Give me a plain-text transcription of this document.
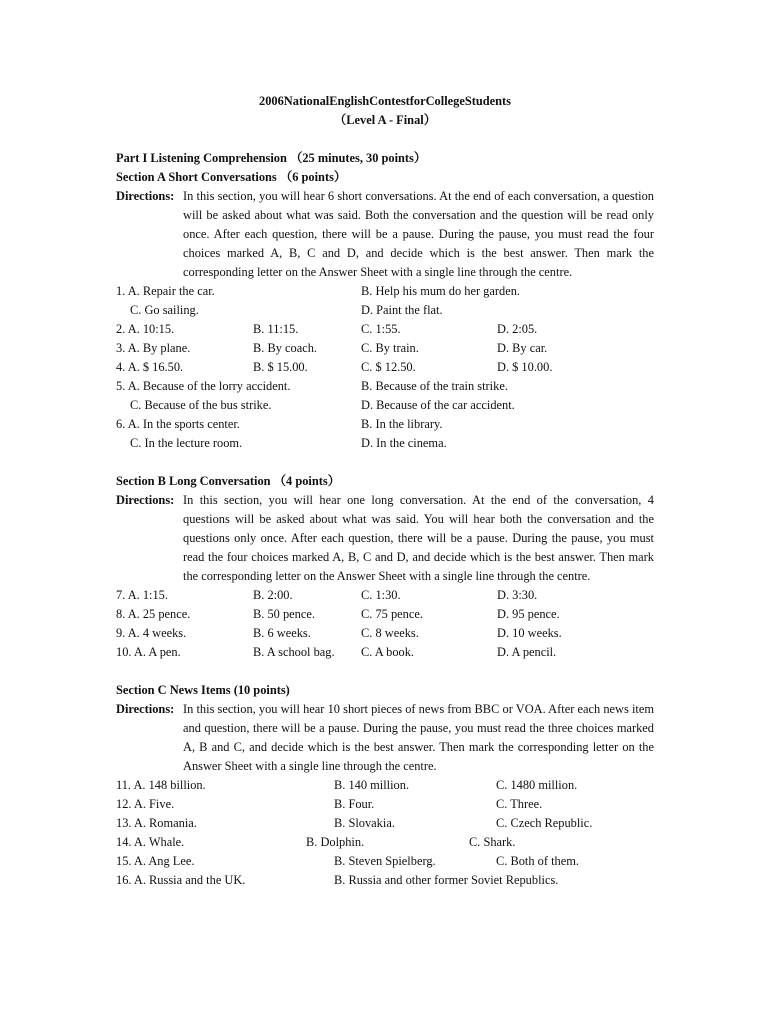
2006NationalEnglishContestforCollegeStudents
（Level A - Final）
Part I Listening Comprehension （25 minutes, 30 points）
Section A Short Conversations （6 points）
Directions: In this section, you will hear 6 short conversations. At the end of each conversation, a question will be asked about what was said. Both the conversation and the question will be read only once. After each question, there will be a pause. During the pause, you must read the four choices marked A, B, C and D, and decide which is the best answer. Then mark the corresponding letter on the Answer Sheet with a single line through the centre.
1. A. Repair the car.	B. Help his mum do her garden.
C. Go sailing.	D. Paint the flat.
2. A. 10:15.	B. 11:15.	C. 1:55.	D. 2:05.
3. A. By plane.	B. By coach.	C. By train.	D. By car.
4. A. $ 16.50.	B. $ 15.00.	C. $ 12.50.	D. $ 10.00.
5. A. Because of the lorry accident.	B. Because of the train strike.
C. Because of the bus strike.	D. Because of the car accident.
6. A. In the sports center.	B. In the library.
C. In the lecture room.	D. In the cinema.
Section B Long Conversation （4 points）
Directions: In this section, you will hear one long conversation. At the end of the conversation, 4 questions will be asked about what was said. You will hear both the conversation and the questions only once. After each question, there will be a pause. During the pause, you must read the four choices marked A, B, C and D, and decide which is the best answer. Then mark the corresponding letter on the Answer Sheet with a single line through the centre.
7. A. 1:15.	B. 2:00.	C. 1:30.	D. 3:30.
8. A. 25 pence.	B. 50 pence.	C. 75 pence.	D. 95 pence.
9. A. 4 weeks.	B. 6 weeks.	C. 8 weeks.	D. 10 weeks.
10. A. A pen.	B. A school bag. C. A book.	D. A pencil.
Section C News Items (10 points)
Directions: In this section, you will hear 10 short pieces of news from BBC or VOA. After each news item and question, there will be a pause. During the pause, you must read the three choices marked A, B and C, and decide which is the best answer. Then mark the corresponding letter on the Answer Sheet with a single line through the centre.
11. A. 148 billion.	B. 140 million.	C. 1480 million.
12. A. Five.	B. Four.	C. Three.
13. A. Romania.	B. Slovakia.	C. Czech Republic.
14. A. Whale.	B. Dolphin.	C. Shark.
15. A. Ang Lee.	B. Steven Spielberg.	C. Both of them.
16. A. Russia and the UK.	B. Russia and other former Soviet Republics.
